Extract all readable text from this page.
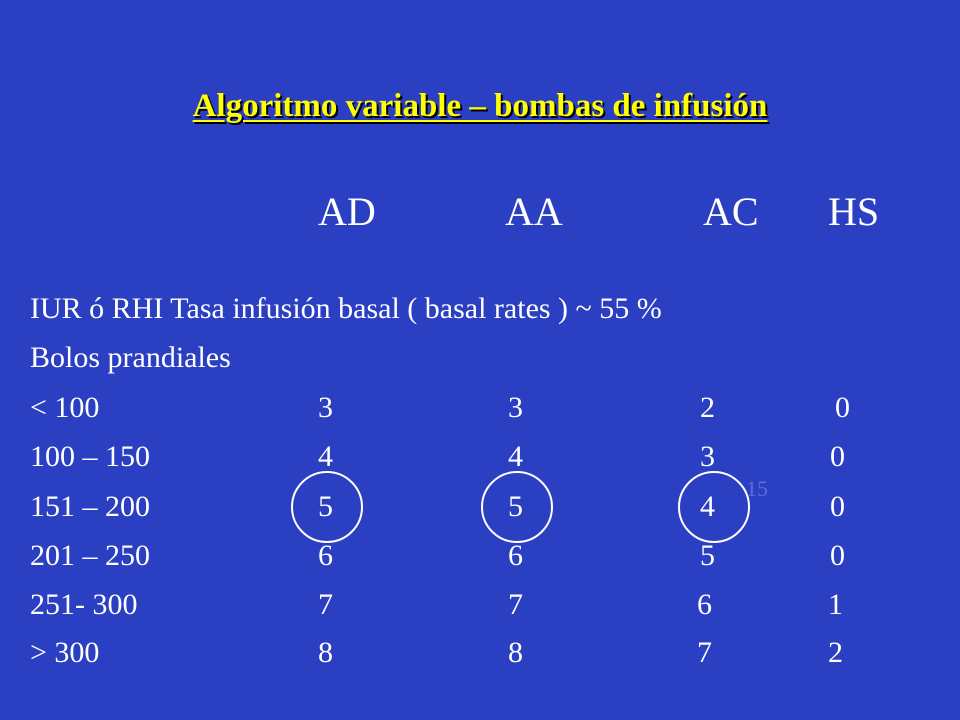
Algoritmo variable – bombas de infusión
AD	AA	AC HS
IUR ó RHI Tasa infusión basal ( basal rates ) ~ 55 %
Bolos prandiales
< 100	3	3	2	0
100 – 150	4	4	3	0
15
151 – 200	5	5	4	0
201 – 250	6	6	5	0
251- 300	7	7	6	1
> 300	8	8	7	2
